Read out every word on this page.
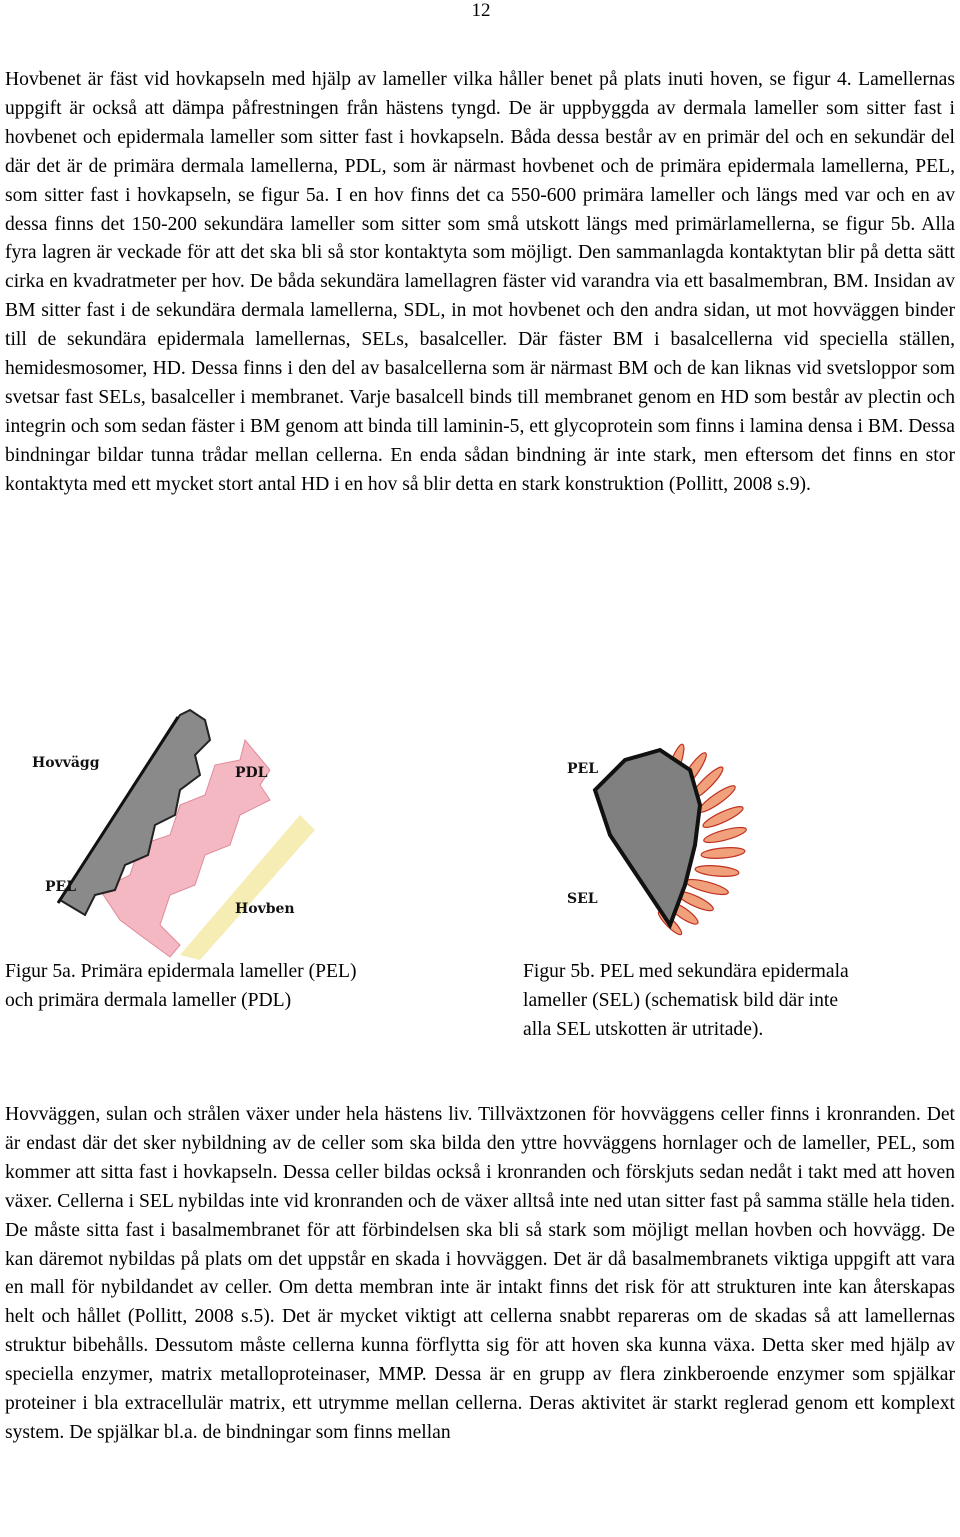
12

Hovbenet är fäst vid hovkapseln med hjälp av lameller vilka håller benet på plats inuti hoven, se figur 4. Lamellernas uppgift är också att dämpa påfrestningen från hästens tyngd. De är uppbyggda av dermala lameller som sitter fast i hovbenet och epidermala lameller som sitter fast i hovkapseln. Båda dessa består av en primär del och en sekundär del där det är de primära dermala lamellerna, PDL, som är närmast hovbenet och de primära epidermala lamellerna, PEL, som sitter fast i hovkapseln, se figur 5a. I en hov finns det ca 550-600 primära lameller och längs med var och en av dessa finns det 150-200 sekundära lameller som sitter som små utskott längs med primärlamellerna, se figur 5b. Alla fyra lagren är veckade för att det ska bli så stor kontaktyta som möjligt. Den sammanlagda kontaktytan blir på detta sätt cirka en kvadratmeter per hov. De båda sekundära lamellagren fäster vid varandra via ett basalmembran, BM. Insidan av BM sitter fast i de sekundära dermala lamellerna, SDL, in mot hovbenet och den andra sidan, ut mot hovväggen binder till de sekundära epidermala lamellernas, SELs, basalceller. Där fäster BM i basalcellerna vid speciella ställen, hemidesmosomer, HD. Dessa finns i den del av basalcellerna som är närmast BM och de kan liknas vid svetsloppor som svetsar fast SELs, basalceller i membranet. Varje basalcell binds till membranet genom en HD som består av plectin och integrin och som sedan fäster i BM genom att binda till laminin-5, ett glycoprotein som finns i lamina densa i BM. Dessa bindningar bildar tunna trådar mellan cellerna. En enda sådan bindning är inte stark, men eftersom det finns en stor kontaktyta med ett mycket stort antal HD i en hov så blir detta en stark konstruktion (Pollitt, 2008 s.9).

Hovvägg
PDL
PEL
Hovben
PEL
SEL
Figur 5a. Primära epidermala lameller (PEL)
och primära dermala lameller (PDL)
Figur 5b. PEL med sekundära epidermala
lameller (SEL) (schematisk bild där inte
alla SEL utskotten är utritade).

Hovväggen, sulan och strålen växer under hela hästens liv. Tillväxtzonen för hovväggens celler finns i kronranden. Det är endast där det sker nybildning av de celler som ska bilda den yttre hovväggens hornlager och de lameller, PEL, som kommer att sitta fast i hovkapseln. Dessa celler bildas också i kronranden och förskjuts sedan nedåt i takt med att hoven växer. Cellerna i SEL nybildas inte vid kronranden och de växer alltså inte ned utan sitter fast på samma ställe hela tiden. De måste sitta fast i basalmembranet för att förbindelsen ska bli så stark som möjligt mellan hovben och hovvägg. De kan däremot nybildas på plats om det uppstår en skada i hovväggen. Det är då basalmembranets viktiga uppgift att vara en mall för nybildandet av celler. Om detta membran inte är intakt finns det risk för att strukturen inte kan återskapas helt och hållet (Pollitt, 2008 s.5). Det är mycket viktigt att cellerna snabbt repareras om de skadas så att lamellernas struktur bibehålls. Dessutom måste cellerna kunna förflytta sig för att hoven ska kunna växa. Detta sker med hjälp av speciella enzymer, matrix metalloproteinaser, MMP. Dessa är en grupp av flera zinkberoende enzymer som spjälkar proteiner i bla extracellulär matrix, ett utrymme mellan cellerna. Deras aktivitet är starkt reglerad genom ett komplext system. De spjälkar bl.a. de bindningar som finns mellan
